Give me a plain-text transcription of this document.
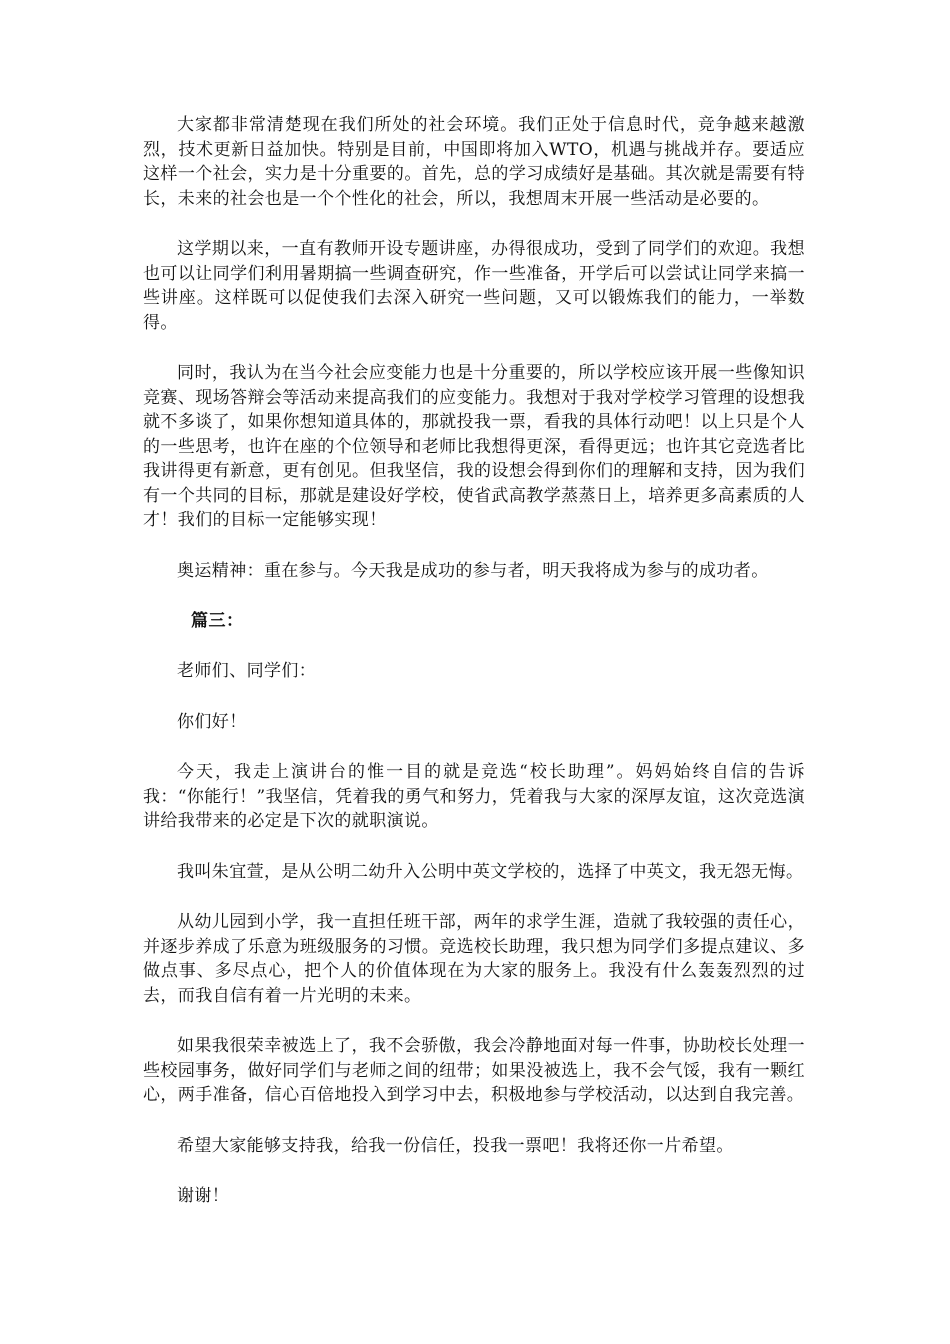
大家都非常清楚现在我们所处的社会环境。我们正处于信息时代，竞争越来越激烈，技术更新日益加快。特别是目前，中国即将加入WTO，机遇与挑战并存。要适应这样一个社会，实力是十分重要的。首先，总的学习成绩好是基础。其次就是需要有特长，未来的社会也是一个个性化的社会，所以，我想周末开展一些活动是必要的。

这学期以来，一直有教师开设专题讲座，办得很成功，受到了同学们的欢迎。我想也可以让同学们利用暑期搞一些调查研究，作一些准备，开学后可以尝试让同学来搞一些讲座。这样既可以促使我们去深入研究一些问题，又可以锻炼我们的能力，一举数得。

同时，我认为在当今社会应变能力也是十分重要的，所以学校应该开展一些像知识竞赛、现场答辩会等活动来提高我们的应变能力。我想对于我对学校学习管理的设想我就不多谈了，如果你想知道具体的，那就投我一票，看我的具体行动吧！以上只是个人的一些思考，也许在座的个位领导和老师比我想得更深，看得更远；也许其它竞选者比我讲得更有新意，更有创见。但我坚信，我的设想会得到你们的理解和支持，因为我们有一个共同的目标，那就是建设好学校，使省武高教学蒸蒸日上，培养更多高素质的人才！我们的目标一定能够实现！

奥运精神：重在参与。今天我是成功的参与者，明天我将成为参与的成功者。

篇三：

老师们、同学们：

你们好！

今天，我走上演讲台的惟一目的就是竞选“校长助理”。妈妈始终自信的告诉我：“你能行！”我坚信，凭着我的勇气和努力，凭着我与大家的深厚友谊，这次竞选演讲给我带来的必定是下次的就职演说。

我叫朱宜萱，是从公明二幼升入公明中英文学校的，选择了中英文，我无怨无悔。

从幼儿园到小学，我一直担任班干部，两年的求学生涯，造就了我较强的责任心，并逐步养成了乐意为班级服务的习惯。竞选校长助理，我只想为同学们多提点建议、多做点事、多尽点心，把个人的价值体现在为大家的服务上。我没有什么轰轰烈烈的过去，而我自信有着一片光明的未来。

如果我很荣幸被选上了，我不会骄傲，我会冷静地面对每一件事，协助校长处理一些校园事务，做好同学们与老师之间的纽带；如果没被选上，我不会气馁，我有一颗红心，两手准备，信心百倍地投入到学习中去，积极地参与学校活动，以达到自我完善。

希望大家能够支持我，给我一份信任，投我一票吧！我将还你一片希望。

谢谢！
